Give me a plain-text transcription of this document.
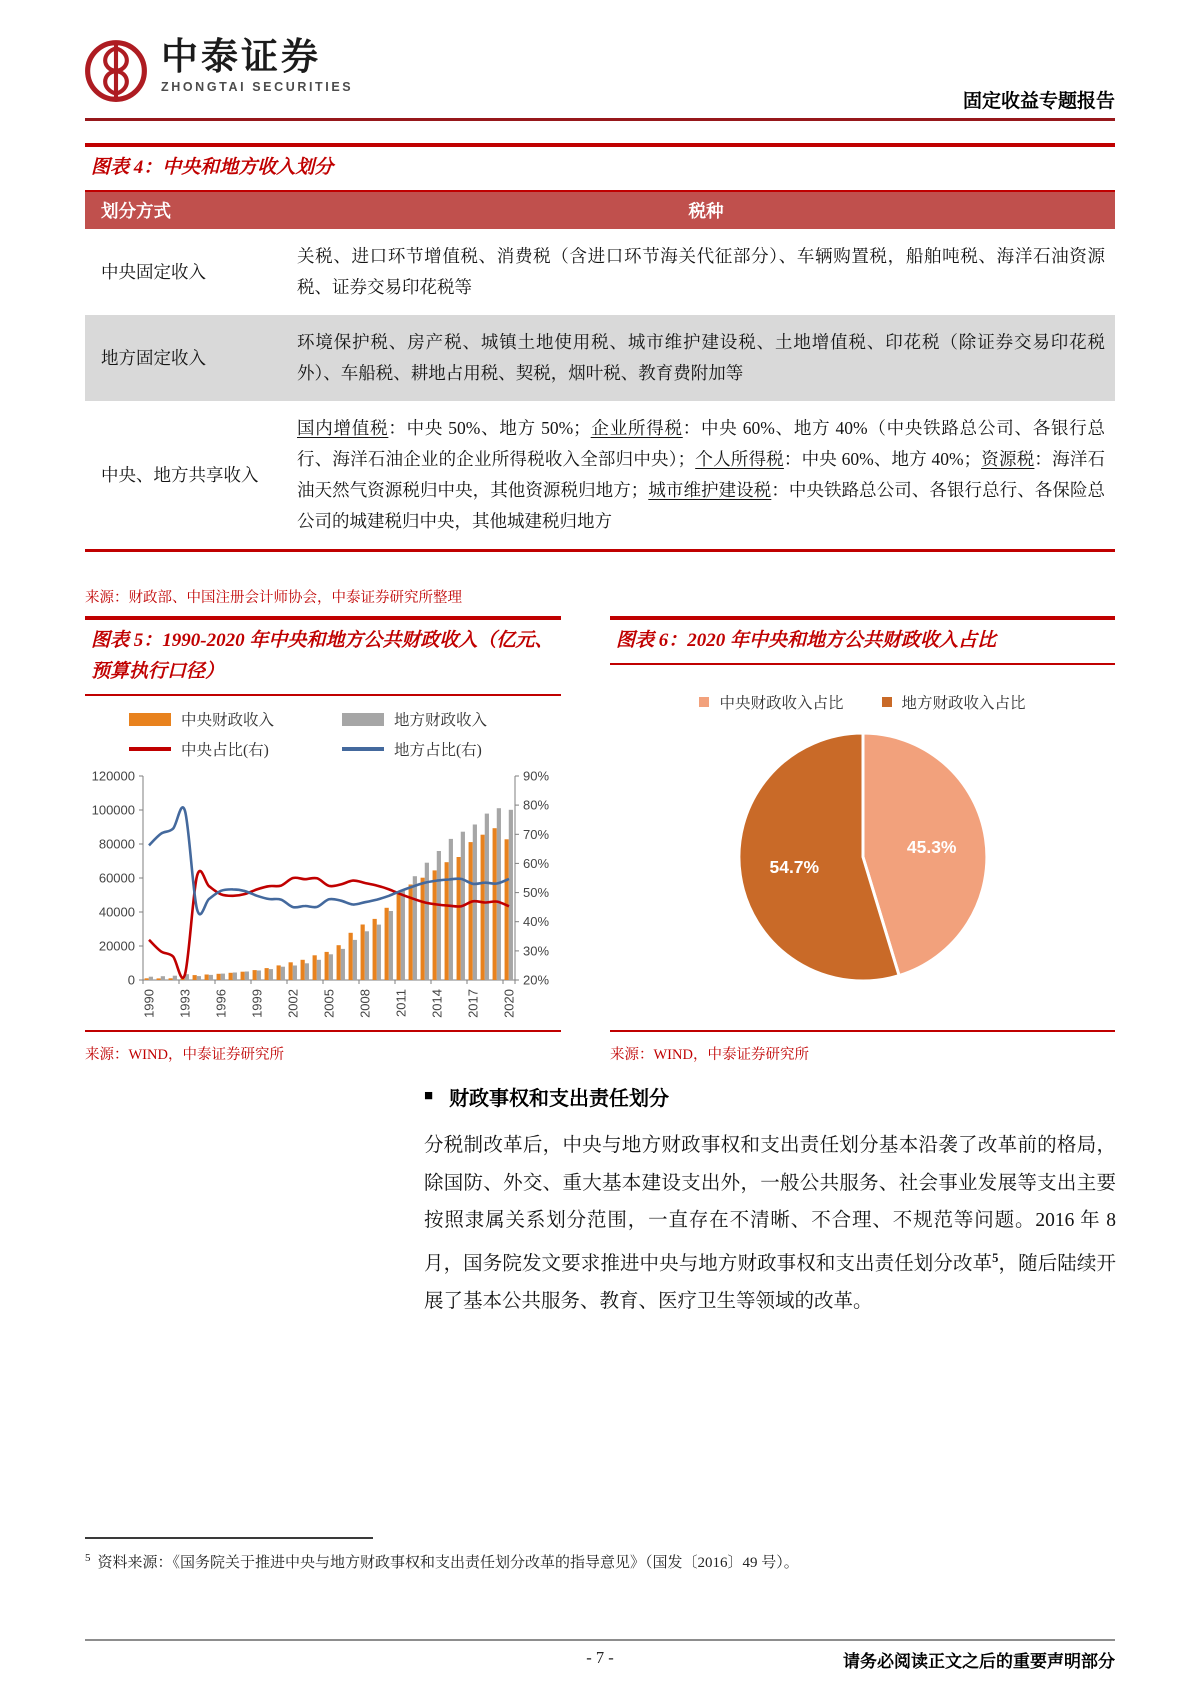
中泰证券
ZHONGTAI SECURITIES
固定收益专题报告
图表 4：中央和地方收入划分
划分方式	税种
中央固定收入	关税、进口环节增值税、消费税（含进口环节海关代征部分）、车辆购置税，船舶吨税、海洋石油资源税、证券交易印花税等
地方固定收入	环境保护税、房产税、城镇土地使用税、城市维护建设税、土地增值税、印花税（除证券交易印花税外）、车船税、耕地占用税、契税，烟叶税、教育费附加等
中央、地方共享收入	国内增值税：中央 50%、地方 50%；企业所得税：中央 60%、地方 40%（中央铁路总公司、各银行总行、海洋石油企业的企业所得税收入全部归中央）；个人所得税：中央 60%、地方 40%；资源税：海洋石油天然气资源税归中央，其他资源税归地方；城市维护建设税：中央铁路总公司、各银行总行、各保险总公司的城建税归中央，其他城建税归地方
来源：财政部、中国注册会计师协会，中泰证券研究所整理
图表 5：1990-2020 年中央和地方公共财政收入（亿元、预算执行口径）
中央财政收入	地方财政收入
中央占比(右)	地方占比(右)
0
20000
40000
60000
80000
100000
120000
20%
30%
40%
50%
60%
70%
80%
90%
1990 1993 1996 1999 2002 2005 2008 2011 2014 2017 2020
来源：WIND，中泰证券研究所
图表 6：2020 年中央和地方公共财政收入占比
中央财政收入占比	地方财政收入占比
45.3%
54.7%
来源：WIND，中泰证券研究所
■ 财政事权和支出责任划分

分税制改革后，中央与地方财政事权和支出责任划分基本沿袭了改革前的格局，除国防、外交、重大基本建设支出外，一般公共服务、社会事业发展等支出主要按照隶属关系划分范围，一直存在不清晰、不合理、不规范等问题。2016 年 8 月，国务院发文要求推进中央与地方财政事权和支出责任划分改革$^5$，随后陆续开展了基本公共服务、教育、医疗卫生等领域的改革。

$^5$ 资料来源：《国务院关于推进中央与地方财政事权和支出责任划分改革的指导意见》（国发〔2016〕49 号）。
- 7 -	请务必阅读正文之后的重要声明部分
